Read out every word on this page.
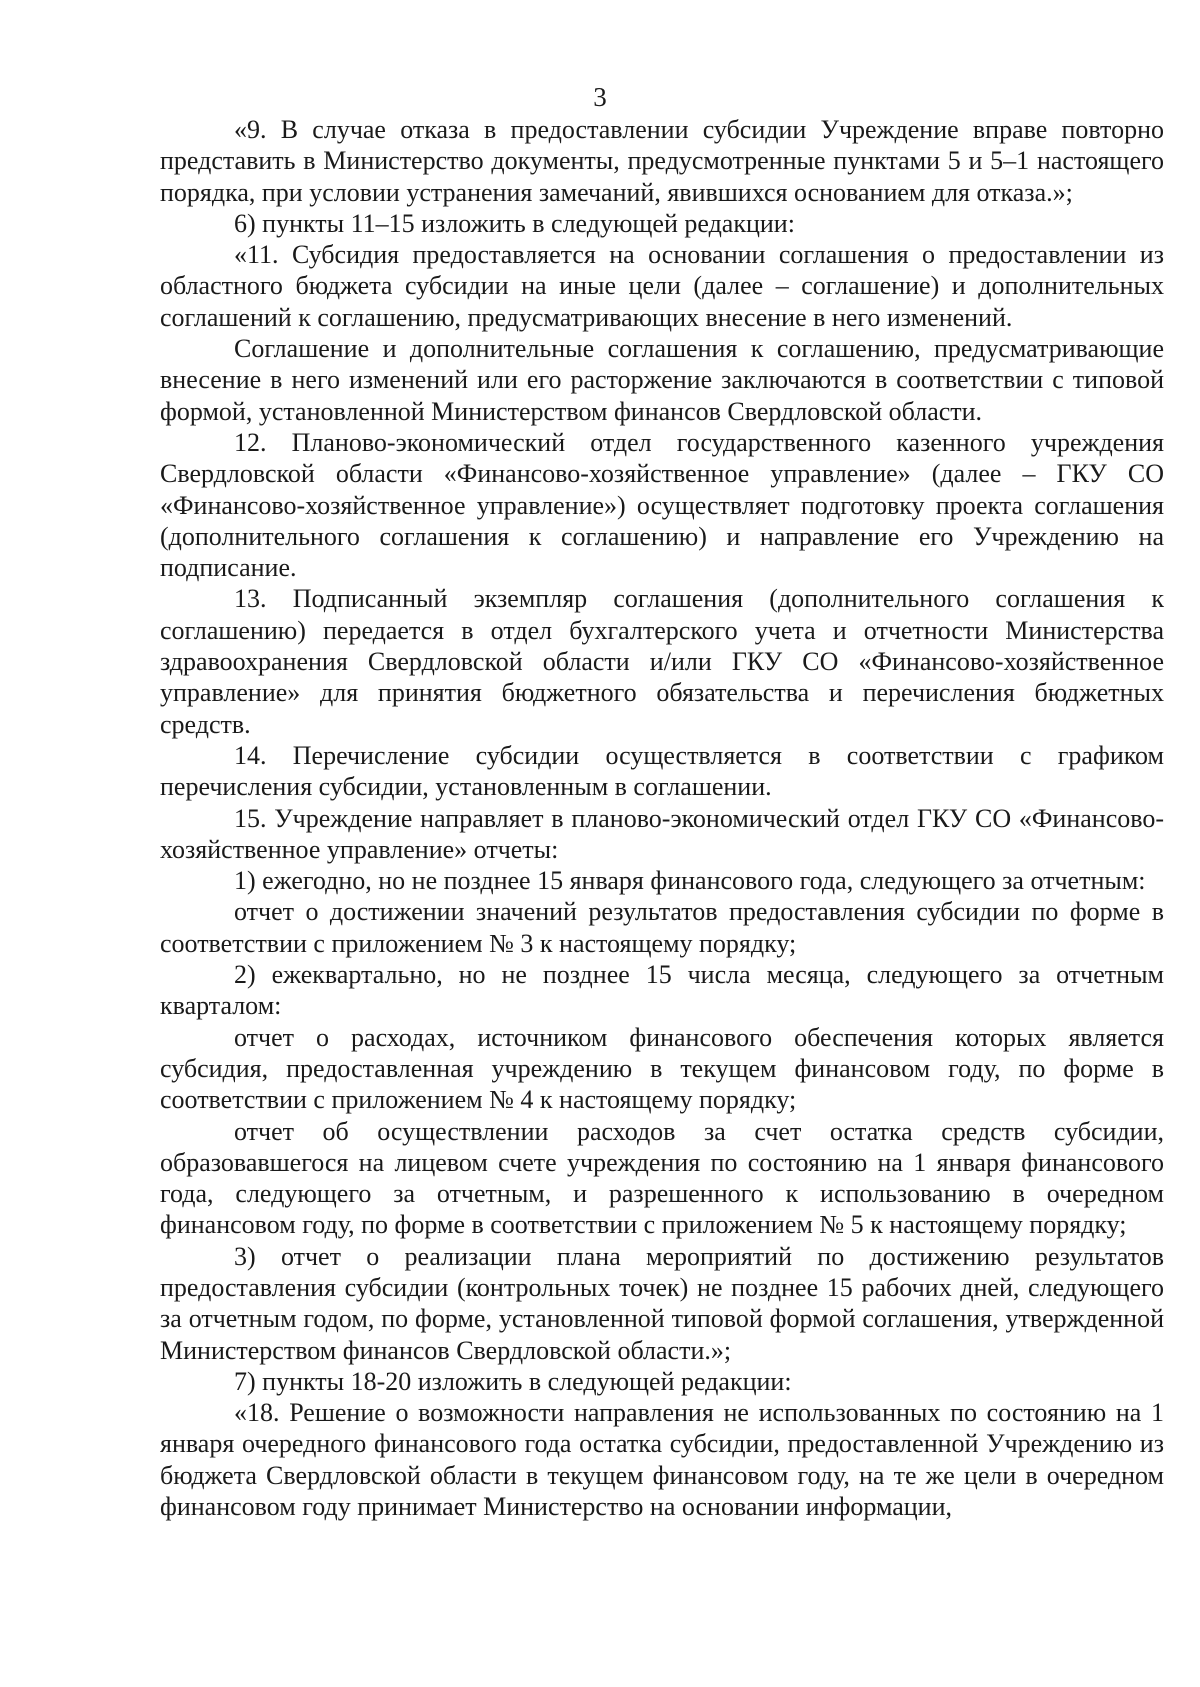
3

«9. В случае отказа в предоставлении субсидии Учреждение вправе повторно представить в Министерство документы, предусмотренные пунктами 5 и 5–1 настоящего порядка, при условии устранения замечаний, явившихся основанием для отказа.»;

6) пункты 11–15 изложить в следующей редакции:

«11. Субсидия предоставляется на основании соглашения о предоставлении из областного бюджета субсидии на иные цели (далее – соглашение) и дополнительных соглашений к соглашению, предусматривающих внесение в него изменений.

Соглашение и дополнительные соглашения к соглашению, предусматривающие внесение в него изменений или его расторжение заключаются в соответствии с типовой формой, установленной Министерством финансов Свердловской области.

12. Планово-экономический отдел государственного казенного учреждения Свердловской области «Финансово-хозяйственное управление» (далее – ГКУ СО «Финансово-хозяйственное управление») осуществляет подготовку проекта соглашения (дополнительного соглашения к соглашению) и направление его Учреждению на подписание.

13. Подписанный экземпляр соглашения (дополнительного соглашения к соглашению) передается в отдел бухгалтерского учета и отчетности Министерства здравоохранения Свердловской области и/или ГКУ СО «Финансово-хозяйственное управление» для принятия бюджетного обязательства и перечисления бюджетных средств.

14. Перечисление субсидии осуществляется в соответствии с графиком перечисления субсидии, установленным в соглашении.

15. Учреждение направляет в планово-экономический отдел ГКУ СО «Финансово-хозяйственное управление» отчеты:

1) ежегодно, но не позднее 15 января финансового года, следующего за отчетным:

отчет о достижении значений результатов предоставления субсидии по форме в соответствии с приложением № 3 к настоящему порядку;

2) ежеквартально, но не позднее 15 числа месяца, следующего за отчетным кварталом:

отчет о расходах, источником финансового обеспечения которых является субсидия, предоставленная учреждению в текущем финансовом году, по форме в соответствии с приложением № 4 к настоящему порядку;

отчет об осуществлении расходов за счет остатка средств субсидии, образовавшегося на лицевом счете учреждения по состоянию на 1 января финансового года, следующего за отчетным, и разрешенного к использованию в очередном финансовом году, по форме в соответствии с приложением № 5 к настоящему порядку;

3) отчет о реализации плана мероприятий по достижению результатов предоставления субсидии (контрольных точек) не позднее 15 рабочих дней, следующего за отчетным годом, по форме, установленной типовой формой соглашения, утвержденной Министерством финансов Свердловской области.»;

7) пункты 18-20 изложить в следующей редакции:

«18. Решение о возможности направления не использованных по состоянию на 1 января очередного финансового года остатка субсидии, предоставленной Учреждению из бюджета Свердловской области в текущем финансовом году, на те же цели в очередном финансовом году принимает Министерство на основании информации,
